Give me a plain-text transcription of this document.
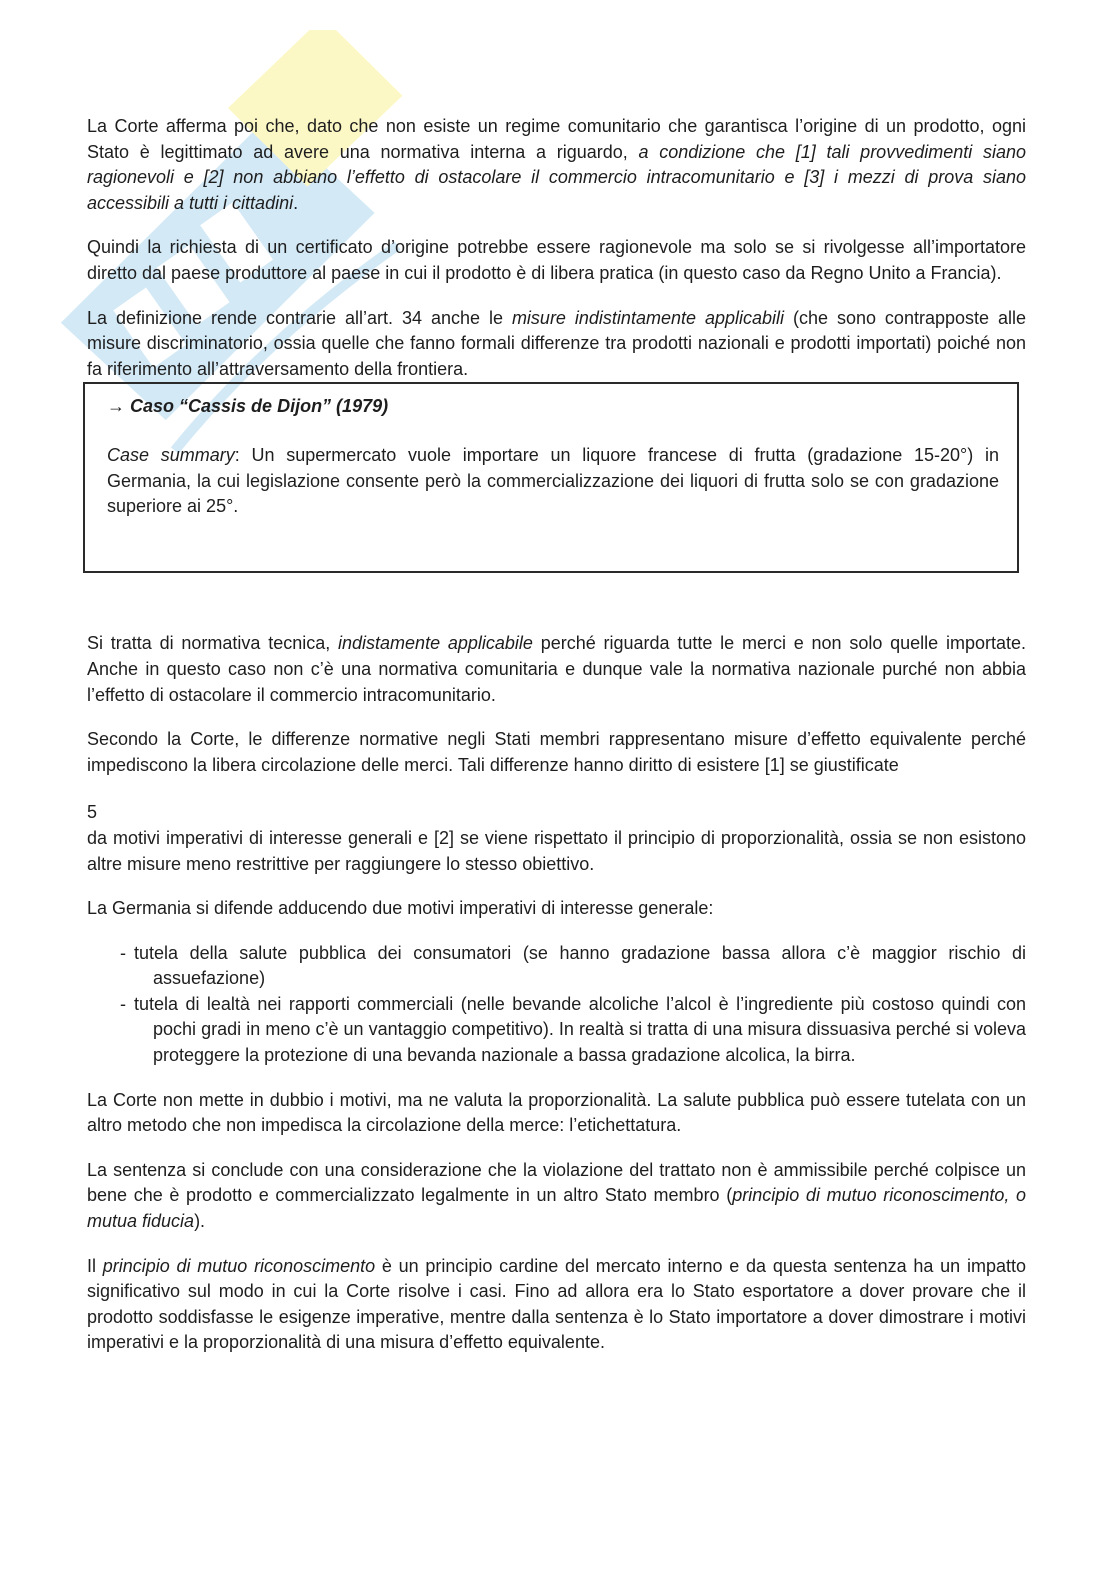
La Corte afferma poi che, dato che non esiste un regime comunitario che garantisca l’origine di un prodotto, ogni Stato è legittimato ad avere una normativa interna a riguardo, a condizione che [1] tali provvedimenti siano ragionevoli e [2] non abbiano l’effetto di ostacolare il commercio intracomunitario e [3] i mezzi di prova siano accessibili a tutti i cittadini.

Quindi la richiesta di un certificato d’origine potrebbe essere ragionevole ma solo se si rivolgesse all’importatore diretto dal paese produttore al paese in cui il prodotto è di libera pratica (in questo caso da Regno Unito a Francia).

La definizione rende contrarie all’art. 34 anche le misure indistintamente applicabili (che sono contrapposte alle misure discriminatorio, ossia quelle che fanno formali differenze tra prodotti nazionali e prodotti importati) poiché non fa riferimento all’attraversamento della frontiera.

→ Caso “Cassis de Dijon” (1979)

Case summary: Un supermercato vuole importare un liquore francese di frutta (gradazione 15-20°) in Germania, la cui legislazione consente però la commercializzazione dei liquori di frutta solo se con gradazione superiore ai 25°.

Si tratta di normativa tecnica, indistamente applicabile perché riguarda tutte le merci e non solo quelle importate. Anche in questo caso non c’è una normativa comunitaria e dunque vale la normativa nazionale purché non abbia l’effetto di ostacolare il commercio intracomunitario.

Secondo la Corte, le differenze normative negli Stati membri rappresentano misure d’effetto equivalente perché impediscono la libera circolazione delle merci. Tali differenze hanno diritto di esistere [1] se giustificate

5

da motivi imperativi di interesse generali e [2] se viene rispettato il principio di proporzionalità, ossia se non esistono altre misure meno restrittive per raggiungere lo stesso obiettivo.

La Germania si difende adducendo due motivi imperativi di interesse generale:

- tutela della salute pubblica dei consumatori (se hanno gradazione bassa allora c’è maggior rischio di assuefazione)
- tutela di lealtà nei rapporti commerciali (nelle bevande alcoliche l’alcol è l’ingrediente più costoso quindi con pochi gradi in meno c’è un vantaggio competitivo). In realtà si tratta di una misura dissuasiva perché si voleva proteggere la protezione di una bevanda nazionale a bassa gradazione alcolica, la birra.

La Corte non mette in dubbio i motivi, ma ne valuta la proporzionalità. La salute pubblica può essere tutelata con un altro metodo che non impedisca la circolazione della merce: l’etichettatura.

La sentenza si conclude con una considerazione che la violazione del trattato non è ammissibile perché colpisce un bene che è prodotto e commercializzato legalmente in un altro Stato membro (principio di mutuo riconoscimento, o mutua fiducia).

Il principio di mutuo riconoscimento è un principio cardine del mercato interno e da questa sentenza ha un impatto significativo sul modo in cui la Corte risolve i casi. Fino ad allora era lo Stato esportatore a dover provare che il prodotto soddisfasse le esigenze imperative, mentre dalla sentenza è lo Stato importatore a dover dimostrare i motivi imperativi e la proporzionalità di una misura d’effetto equivalente.
